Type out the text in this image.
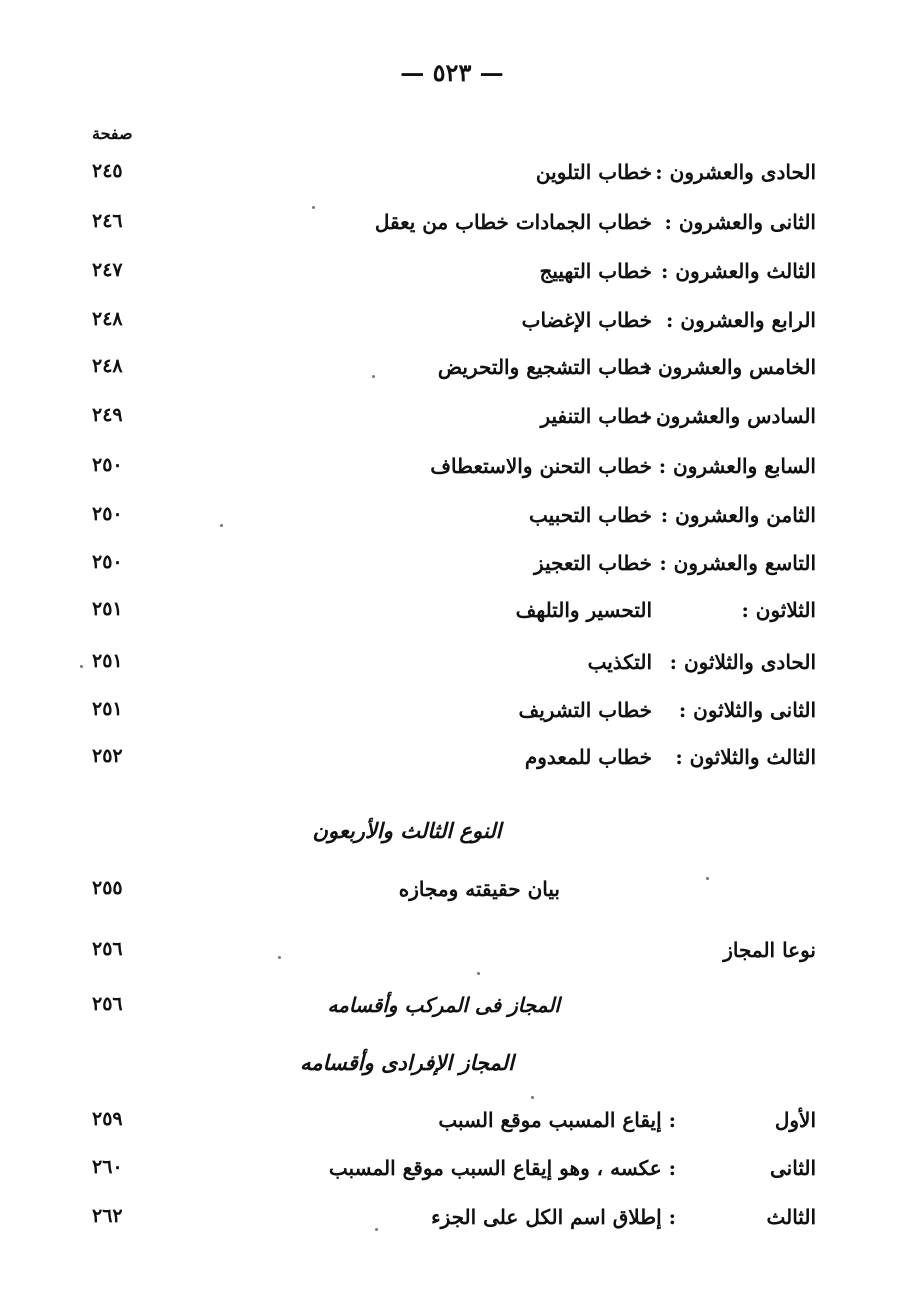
— ٥٢٣ —
صفحة
الحادى والعشرون :
خطاب التلوين
٢٤٥
الثانى والعشرون :
خطاب الجمادات خطاب من يعقل
٢٤٦
الثالث والعشرون :
خطاب التهييج
٢٤٧
الرابع والعشرون :
خطاب الإغضاب
٢٤٨
الخامس والعشرون :
خطاب التشجيع والتحريض
٢٤٨
السادس والعشرون :
خطاب التنفير
٢٤٩
السابع والعشرون :
خطاب التحنن والاستعطاف
٢٥٠
الثامن والعشرون :
خطاب التحبيب
٢٥٠
التاسع والعشرون :
خطاب التعجيز
٢٥٠
الثلاثون :
التحسير والتلهف
٢٥١
الحادى والثلاثون :
التكذيب
٢٥١
الثانى والثلاثون :
خطاب التشريف
٢٥١
الثالث والثلاثون :
خطاب للمعدوم
٢٥٢
النوع الثالث والأربعون
بيان حقيقته ومجازه
٢٥٥
نوعا المجاز
٢٥٦
المجاز فى المركب وأقسامه
٢٥٦
المجاز الإفرادى وأقسامه
الأول
: إيقاع المسبب موقع السبب
٢٥٩
الثانى
: عكسه ، وهو إيقاع السبب موقع المسبب
٢٦٠
الثالث
: إطلاق اسم الكل على الجزء
٢٦٢
